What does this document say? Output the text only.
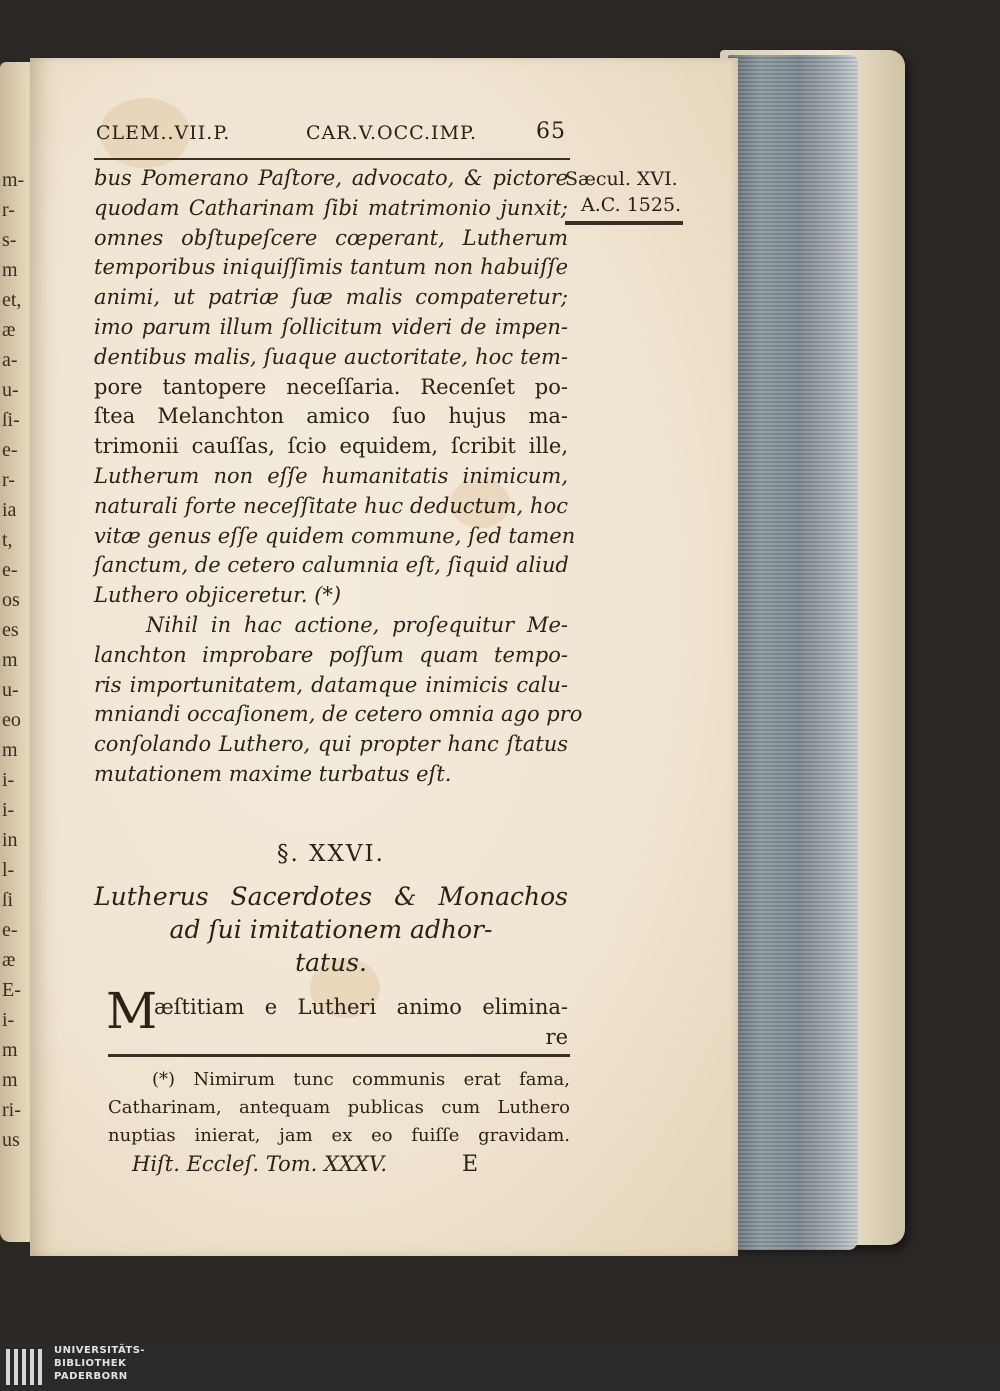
m-
r-
s-
m
et,
æ
a-
u-
ſi-
e-
r-
ia
t,
e-
os
es
m
u-
eo
m
i-
i-
in
l-
ſi
e-
æ
E-
i-
m
m
ri-
us
CLEM..VII.P.	CAR.V.OCC.IMP.	65
Sæcul. XVI.
A.C. 1525.
bus Pomerano Paſtore, advocato, & pictore
quodam Catharinam ſibi matrimonio junxit;
omnes obſtupeſcere cœperant, Lutherum
temporibus iniquiſſimis tantum non habuiſſe
animi, ut patriæ ſuæ malis compateretur;
imo parum illum ſollicitum videri de impen-
dentibus malis, ſuaque auctoritate, hoc tem-
pore tantopere neceſſaria. Recenſet po-
ſtea Melanchton amico ſuo hujus ma-
trimonii cauſſas, ſcio equidem, ſcribit ille,
Lutherum non eſſe humanitatis inimicum,
naturali forte neceſſitate huc deductum, hoc
vitæ genus eſſe quidem commune, ſed tamen
ſanctum, de cetero calumnia eſt, ſiquid aliud
Luthero objiceretur. (*)
Nihil in hac actione, proſequitur Me-
lanchton improbare poſſum quam tempo-
ris importunitatem, datamque inimicis calu-
mniandi occaſionem, de cetero omnia ago pro
conſolando Luthero, qui propter hanc ſtatus
mutationem maxime turbatus eſt.
§. XXVI.
Lutherus Sacerdotes & Monachos
ad ſui imitationem adhor-
tatus.
M
æſtitiam e Lutheri animo elimina-
re
(*) Nimirum tunc communis erat fama,
Catharinam, antequam publicas cum Luthero
nuptias inierat, jam ex eo fuiſſe gravidam.
Hiſt. Eccleſ. Tom. XXXV.	E
UNIVERSITÄTS-
BIBLIOTHEK
PADERBORN
